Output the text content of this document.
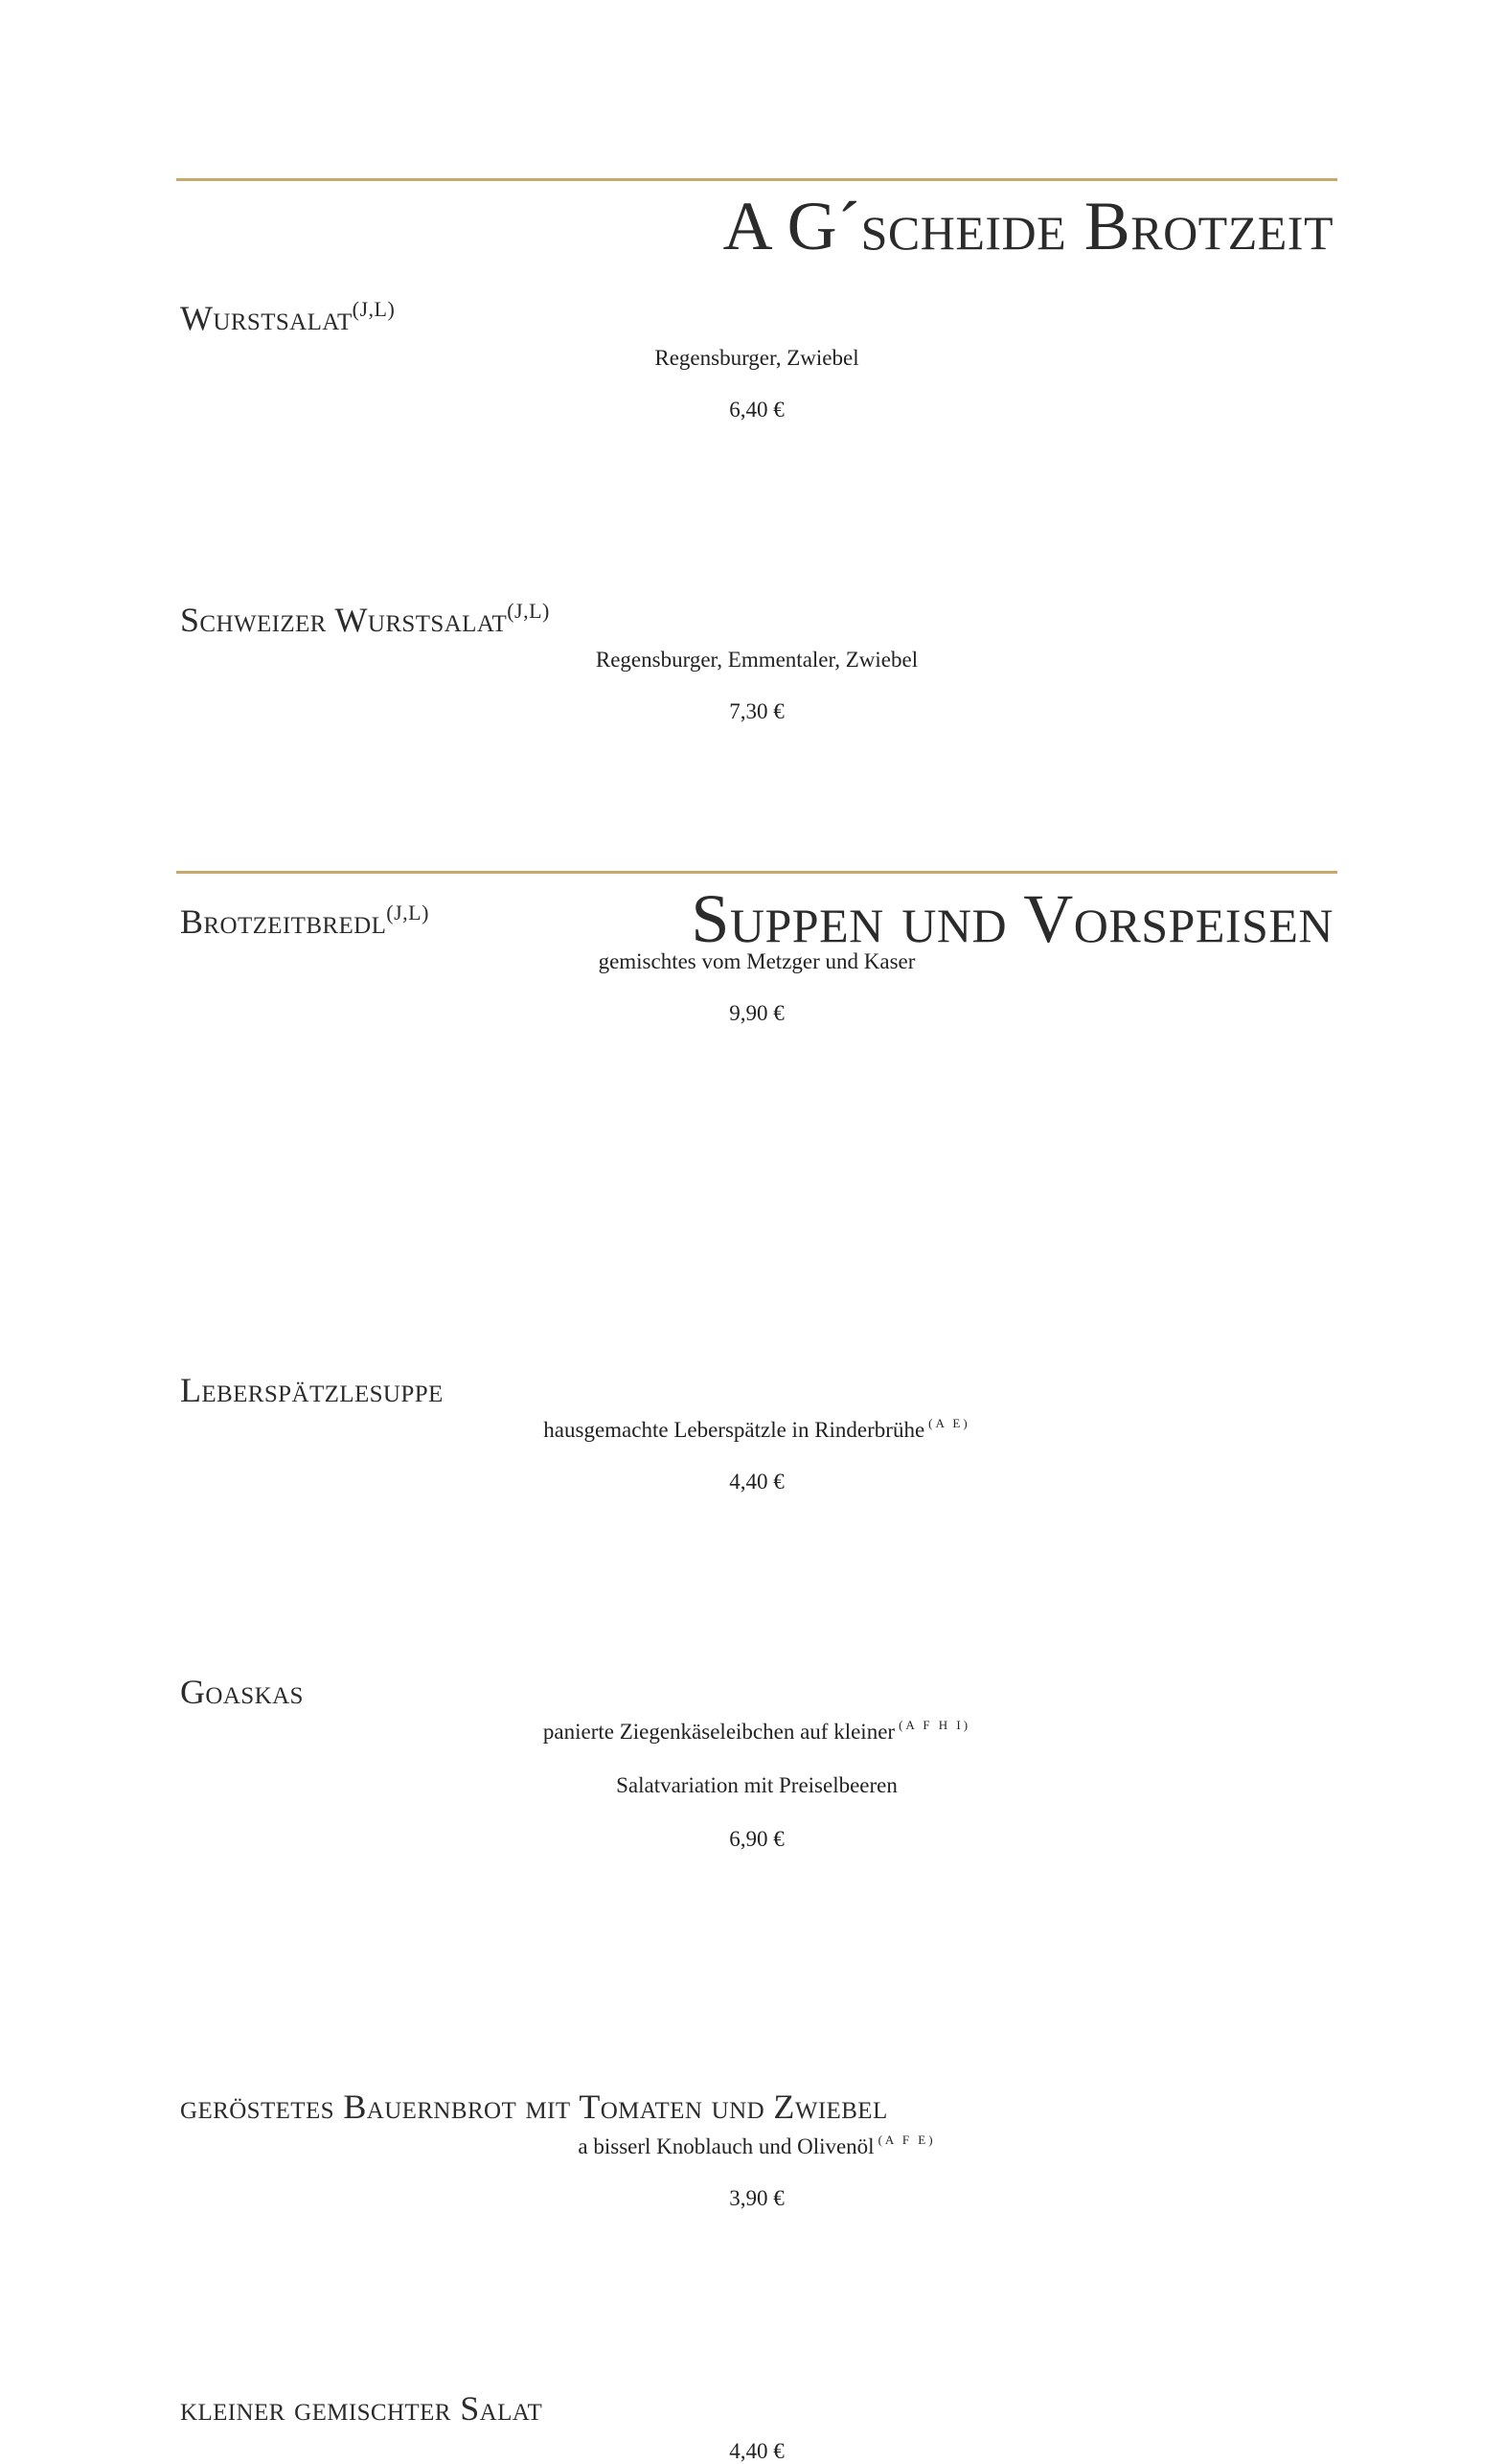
A G´scheide Brotzeit
Wurstsalat$^{(J,L)}$
Regensburger, Zwiebel
6,40 €
Schweizer Wurstsalat$^{(J,L)}$
Regensburger, Emmentaler, Zwiebel
7,30 €
Brotzeitbredl$^{(J,L)}$
gemischtes vom Metzger und Kaser
9,90 €
Suppen und Vorspeisen
Leberspätzlesuppe
hausgemachte Leberspätzle in Rinderbrühe $^{(A E)}$
4,40 €
Goaskas
panierte Ziegenkäseleibchen auf kleiner $^{(A F H I)}$
Salatvariation mit Preiselbeeren
6,90 €
geröstetes Bauernbrot mit Tomaten und Zwiebel
a bisserl Knoblauch und Olivenöl $^{(A F E)}$
3,90 €
kleiner gemischter Salat
4,40 €
